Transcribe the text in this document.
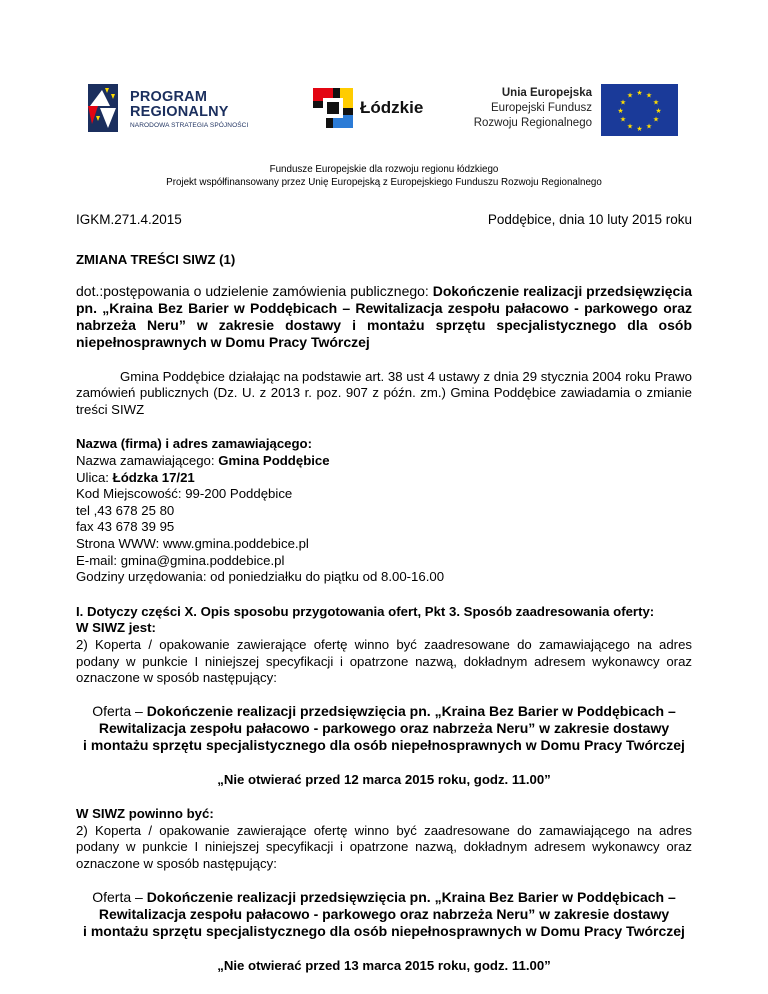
PROGRAM
REGIONALNY
NARODOWA STRATEGIA SPÓJNOŚCI
Łódzkie
Unia Europejska
Europejski Fundusz
Rozwoju Regionalnego
★ ★
★
★
★
★
★
★
★
★
★
★
Fundusze Europejskie dla rozwoju regionu łódzkiego
Projekt współfinansowany przez Unię Europejską z Europejskiego Funduszu Rozwoju Regionalnego
IGKM.271.4.2015	Poddębice, dnia 10 luty 2015 roku

ZMIANA TREŚCI SIWZ (1)

dot.:postępowania o udzielenie zamówienia publicznego: Dokończenie realizacji przedsięwzięcia pn. „Kraina Bez Barier w Poddębicach – Rewitalizacja zespołu pałacowo - parkowego oraz nabrzeża Neru” w zakresie dostawy i montażu sprzętu specjalistycznego dla osób niepełnosprawnych w Domu Pracy Twórczej

Gmina Poddębice działając na podstawie art. 38 ust 4 ustawy z dnia 29 stycznia 2004 roku Prawo zamówień publicznych (Dz. U. z 2013 r. poz. 907 z późn. zm.) Gmina Poddębice zawiadamia o zmianie treści SIWZ

Nazwa (firma) i adres zamawiającego:

Nazwa zamawiającego: Gmina Poddębice

Ulica: Łódzka 17/21

Kod Miejscowość: 99-200 Poddębice

tel ,43 678 25 80

fax 43 678 39 95

Strona WWW: www.gmina.poddebice.pl

E-mail: gmina@gmina.poddebice.pl

Godziny urzędowania: od poniedziałku do piątku od 8.00-16.00

I. Dotyczy części X. Opis sposobu przygotowania ofert, Pkt 3. Sposób zaadresowania oferty:

W SIWZ jest:

2) Koperta / opakowanie zawierające ofertę winno być zaadresowane do zamawiającego na adres podany w punkcie I niniejszej specyfikacji i opatrzone nazwą, dokładnym adresem wykonawcy oraz oznaczone w sposób następujący:

Oferta – Dokończenie realizacji przedsięwzięcia pn. „Kraina Bez Barier w Poddębicach –

Rewitalizacja zespołu pałacowo - parkowego oraz nabrzeża Neru” w zakresie dostawy

i montażu sprzętu specjalistycznego dla osób niepełnosprawnych w Domu Pracy Twórczej

„Nie otwierać przed 12 marca 2015 roku, godz. 11.00”

W SIWZ powinno być:

2) Koperta / opakowanie zawierające ofertę winno być zaadresowane do zamawiającego na adres podany w punkcie I niniejszej specyfikacji i opatrzone nazwą, dokładnym adresem wykonawcy oraz oznaczone w sposób następujący:

Oferta – Dokończenie realizacji przedsięwzięcia pn. „Kraina Bez Barier w Poddębicach –

Rewitalizacja zespołu pałacowo - parkowego oraz nabrzeża Neru” w zakresie dostawy

i montażu sprzętu specjalistycznego dla osób niepełnosprawnych w Domu Pracy Twórczej

„Nie otwierać przed 13 marca 2015 roku, godz. 11.00”
